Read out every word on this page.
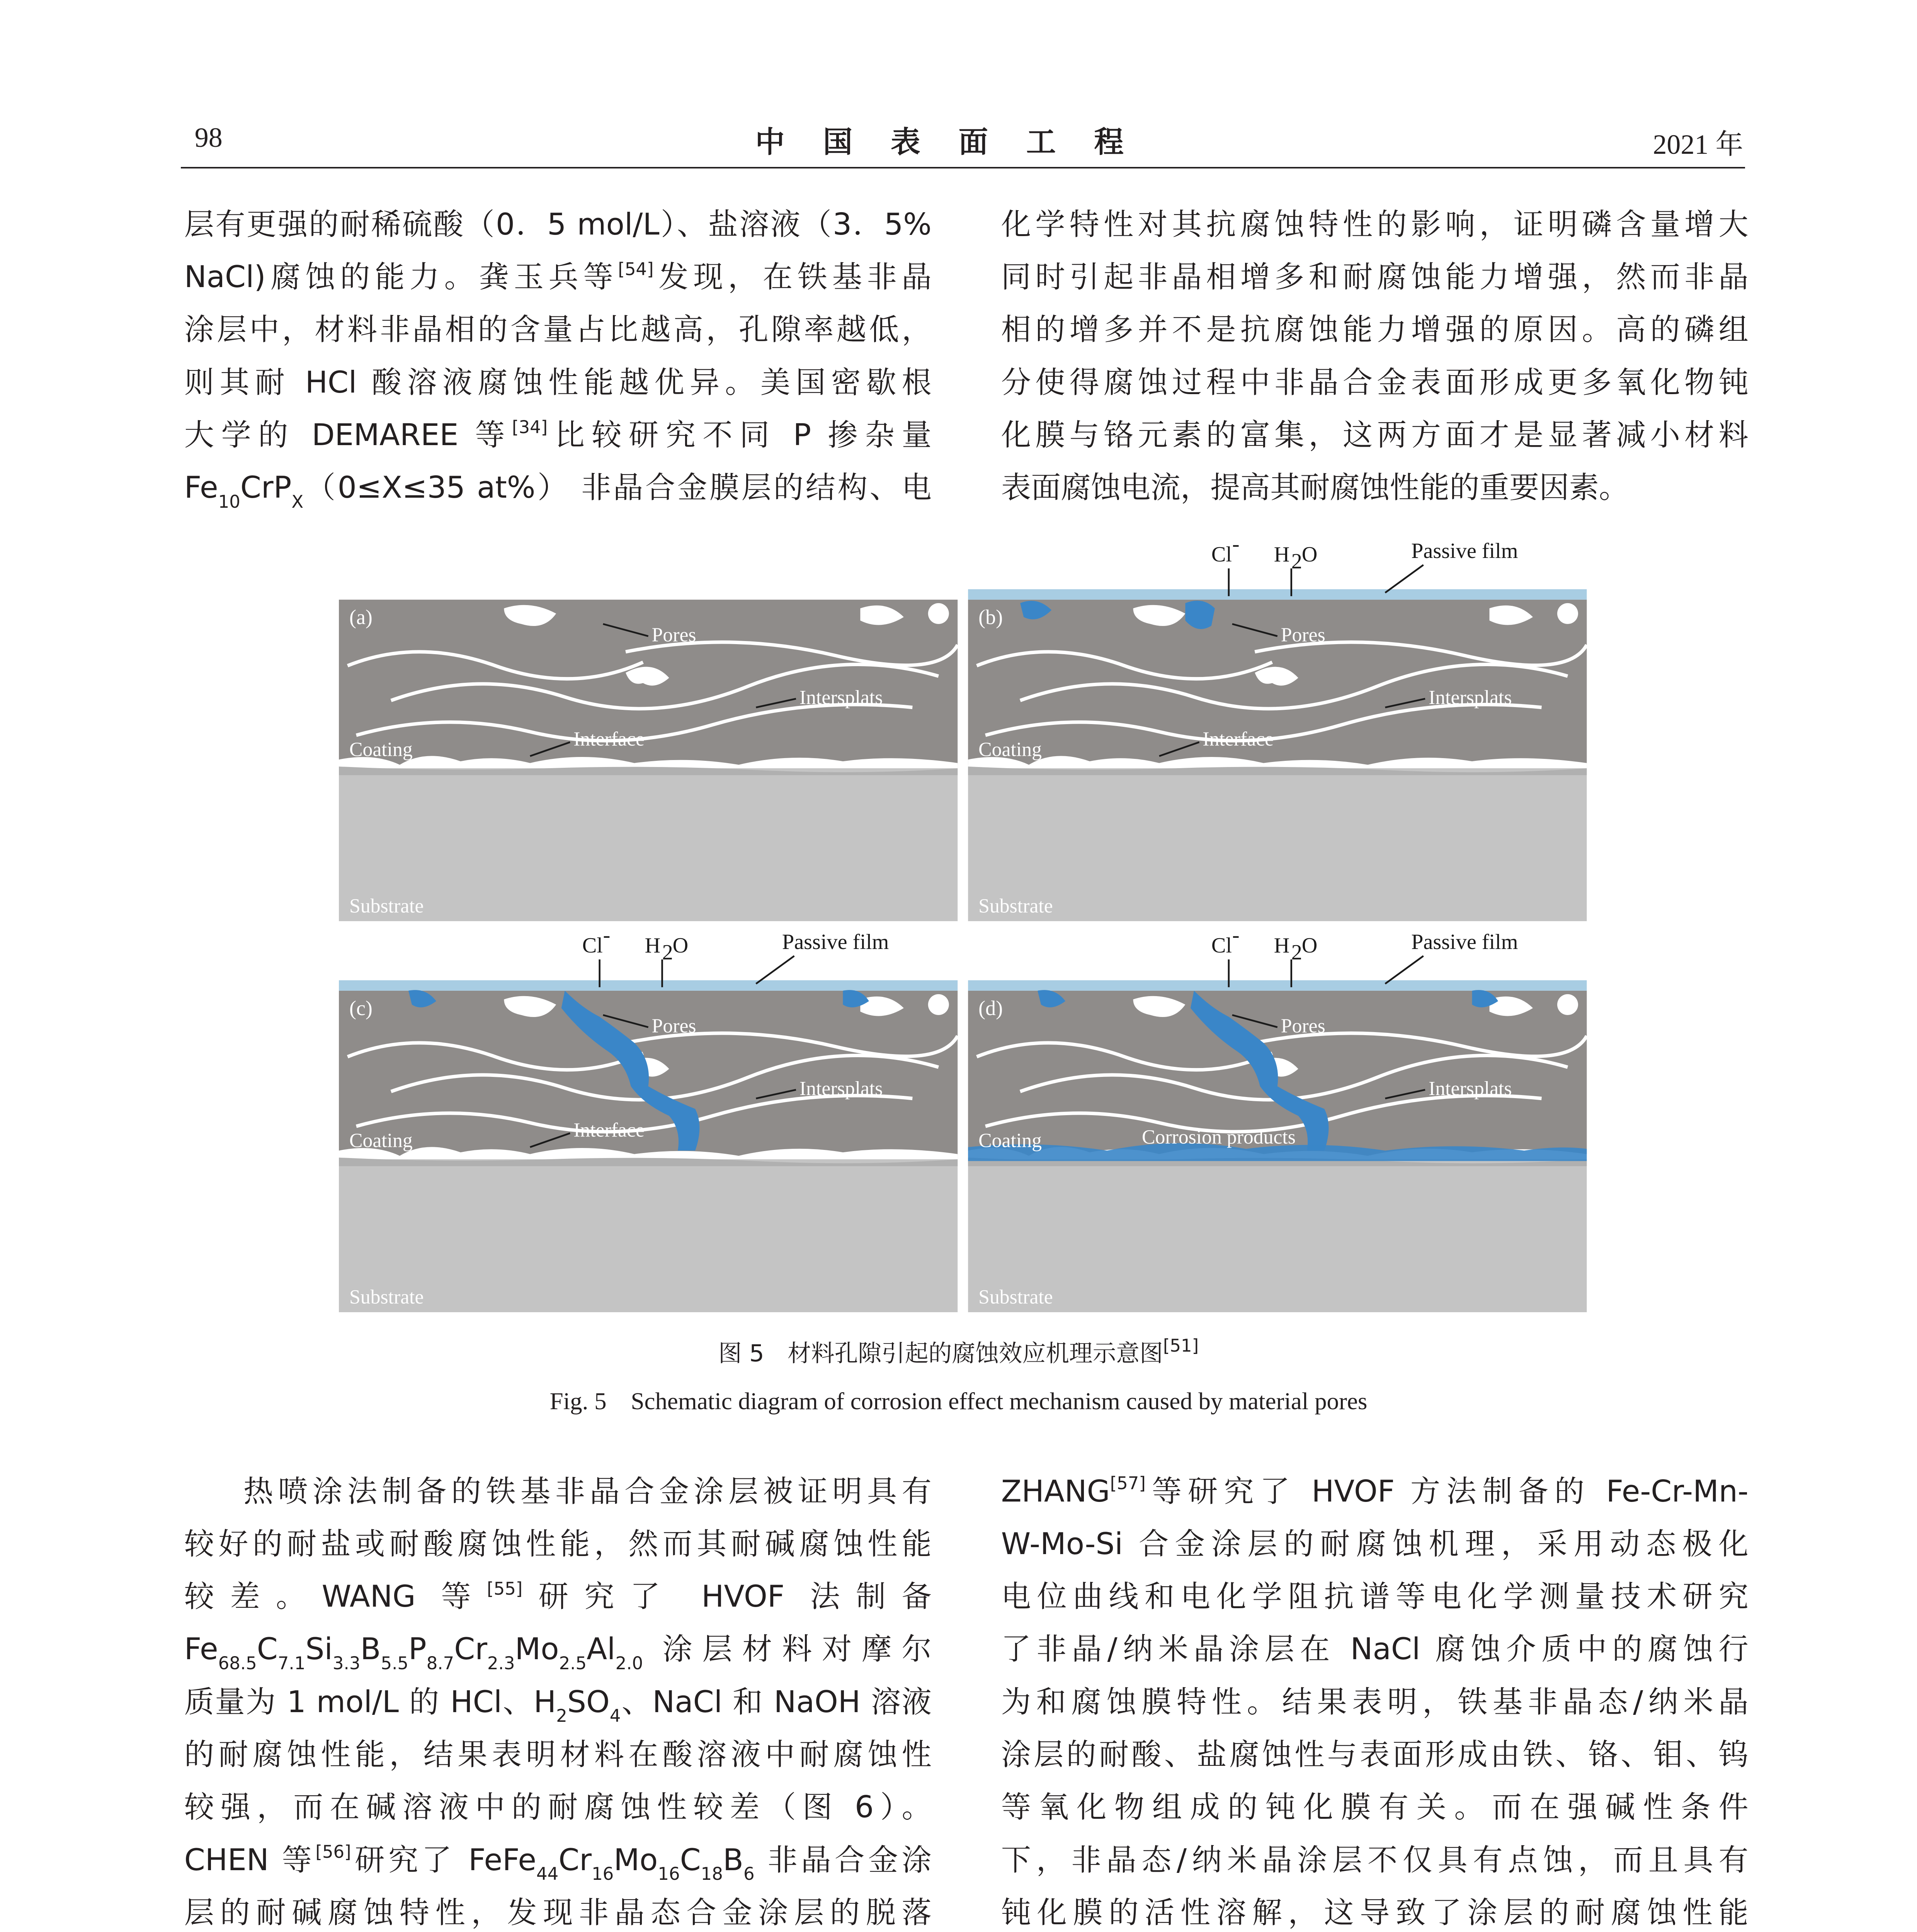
98	中国表面工程	2021 年
层有更强的耐稀硫酸（0．5 mol/L）、盐溶液（3．5%
NaCl)腐蚀的能力。龚玉兵等[54]发现，在铁基非晶
涂层中，材料非晶相的含量占比越高，孔隙率越低，
则其耐 HCl 酸溶液腐蚀性能越优异。美国密歇根
大学的 DEMAREE 等[34]比较研究不同 P 掺杂量
$Fe_{10}CrP_X(0\le X\le 35$ at%） 非晶合金膜层的结构、电
化学特性对其抗腐蚀特性的影响，证明磷含量增大
同时引起非晶相增多和耐腐蚀能力增强，然而非晶
相的增多并不是抗腐蚀能力增强的原因。高的磷组
分使得腐蚀过程中非晶合金表面形成更多氧化物钝
化膜与铬元素的富集，这两方面才是显著减小材料
表面腐蚀电流，提高其耐腐蚀性能的重要因素。
(a)
Coating
Substrate
Pores
Intersplats
Interface
(b)
Coating
Substrate
Pores
Intersplats
Interface
Cl -	H 2
O	Passive film
(c)
Coating
Substrate
Pores
Intersplats
Interface
Cl -	H 2
O	Passive film
(d)
Coating
Substrate
Pores
Intersplats
Corrosion products
Cl -	H 2
O	Passive film
图 5　材料孔隙引起的腐蚀效应机理示意图[51]
Fig. 5　Schematic diagram of corrosion effect mechanism caused by material pores
热喷涂法制备的铁基非晶合金涂层被证明具有
较好的耐盐或耐酸腐蚀性能，然而其耐碱腐蚀性能
较差。WANG 等[55]研究了 HVOF 法制备
$Fe_{68.5}C_{7.1}Si_{3.3}B_{5.5}P_{8.7}Cr_{2.3}Mo_{2.5}Al_{2.0}$	涂层材料对摩尔
质量为 1 mol/L 的 HCl、$H_2SO_4$、NaCl 和 NaOH 溶液
的耐腐蚀性能，结果表明材料在酸溶液中耐腐蚀性
较强，而在碱溶液中的耐腐蚀性较差（图 6）。
CHEN 等[56]研究了 $FeFe_{44}Cr_{16}Mo_{16}C_{18}B_6$ 非晶合金涂
层的耐碱腐蚀特性，发现非晶态合金涂层的脱落
ZHANG[57]等研究了 HVOF 方法制备的 Fe-Cr-Mn-
W-Mo-Si 合金涂层的耐腐蚀机理，采用动态极化
电位曲线和电化学阻抗谱等电化学测量技术研究
了非晶/纳米晶涂层在 NaCl 腐蚀介质中的腐蚀行
为和腐蚀膜特性。结果表明，铁基非晶态/纳米晶
涂层的耐酸、盐腐蚀性与表面形成由铁、铬、钼、钨
等氧化物组成的钝化膜有关。而在强碱性条件
下，非晶态/纳米晶涂层不仅具有点蚀，而且具有
钝化膜的活性溶解，这导致了涂层的耐腐蚀性能
